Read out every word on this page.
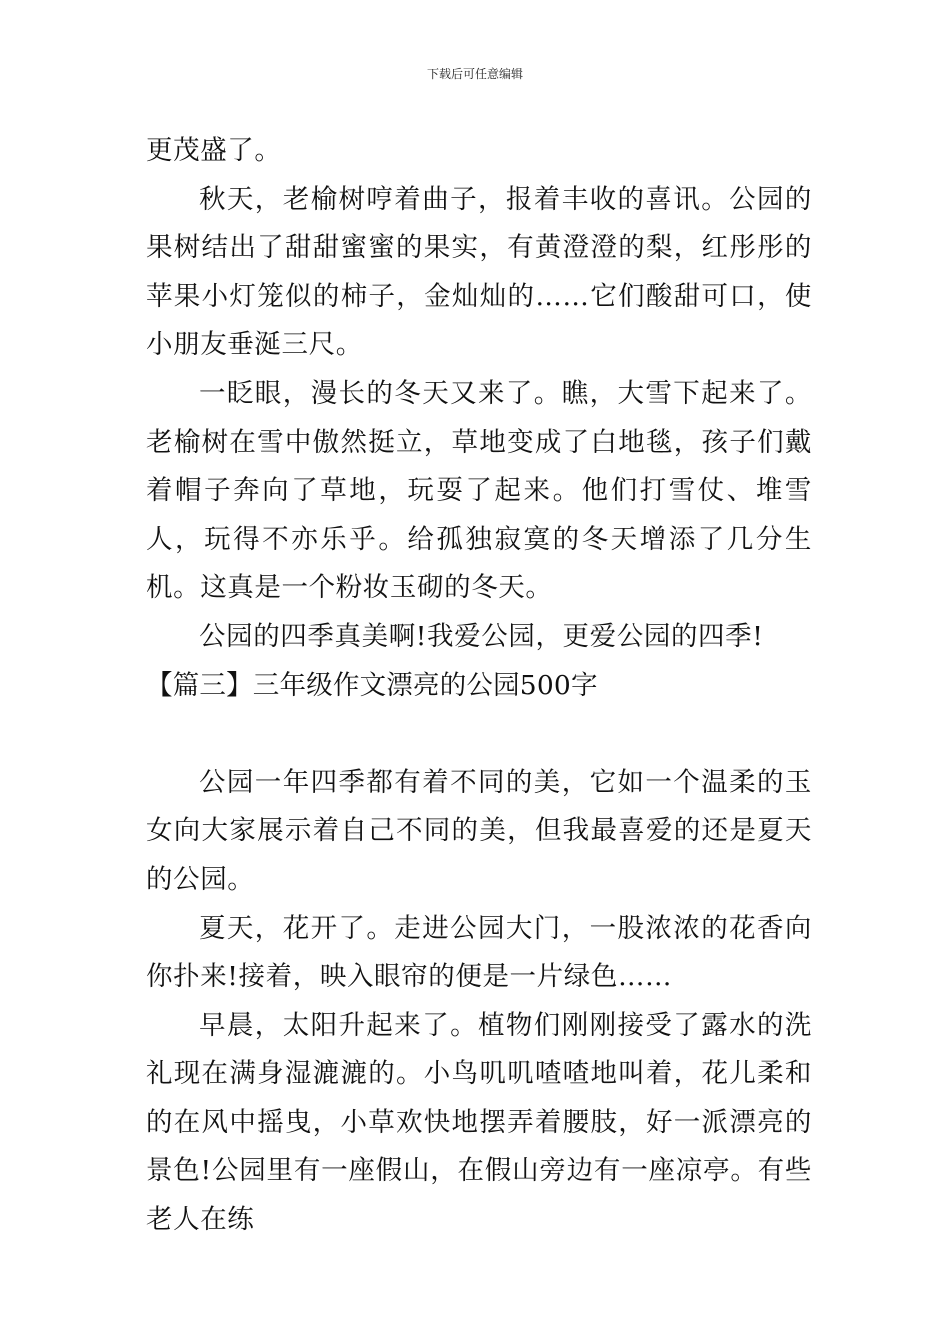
下载后可任意编辑

更茂盛了。

秋天，老榆树哼着曲子，报着丰收的喜讯。公园的果树结出了甜甜蜜蜜的果实，有黄澄澄的梨，红彤彤的苹果小灯笼似的柿子，金灿灿的……它们酸甜可口，使小朋友垂涎三尺。

一眨眼，漫长的冬天又来了。瞧，大雪下起来了。老榆树在雪中傲然挺立，草地变成了白地毯，孩子们戴着帽子奔向了草地，玩耍了起来。他们打雪仗、堆雪人，玩得不亦乐乎。给孤独寂寞的冬天增添了几分生机。这真是一个粉妆玉砌的冬天。

公园的四季真美啊!我爱公园，更爱公园的四季!

【篇三】三年级作文漂亮的公园500字

公园一年四季都有着不同的美，它如一个温柔的玉女向大家展示着自己不同的美，但我最喜爱的还是夏天的公园。

夏天，花开了。走进公园大门，一股浓浓的花香向你扑来!接着，映入眼帘的便是一片绿色……

早晨，太阳升起来了。植物们刚刚接受了露水的洗礼现在满身湿漉漉的。小鸟叽叽喳喳地叫着，花儿柔和的在风中摇曳，小草欢快地摆弄着腰肢，好一派漂亮的景色!公园里有一座假山，在假山旁边有一座凉亭。有些老人在练
